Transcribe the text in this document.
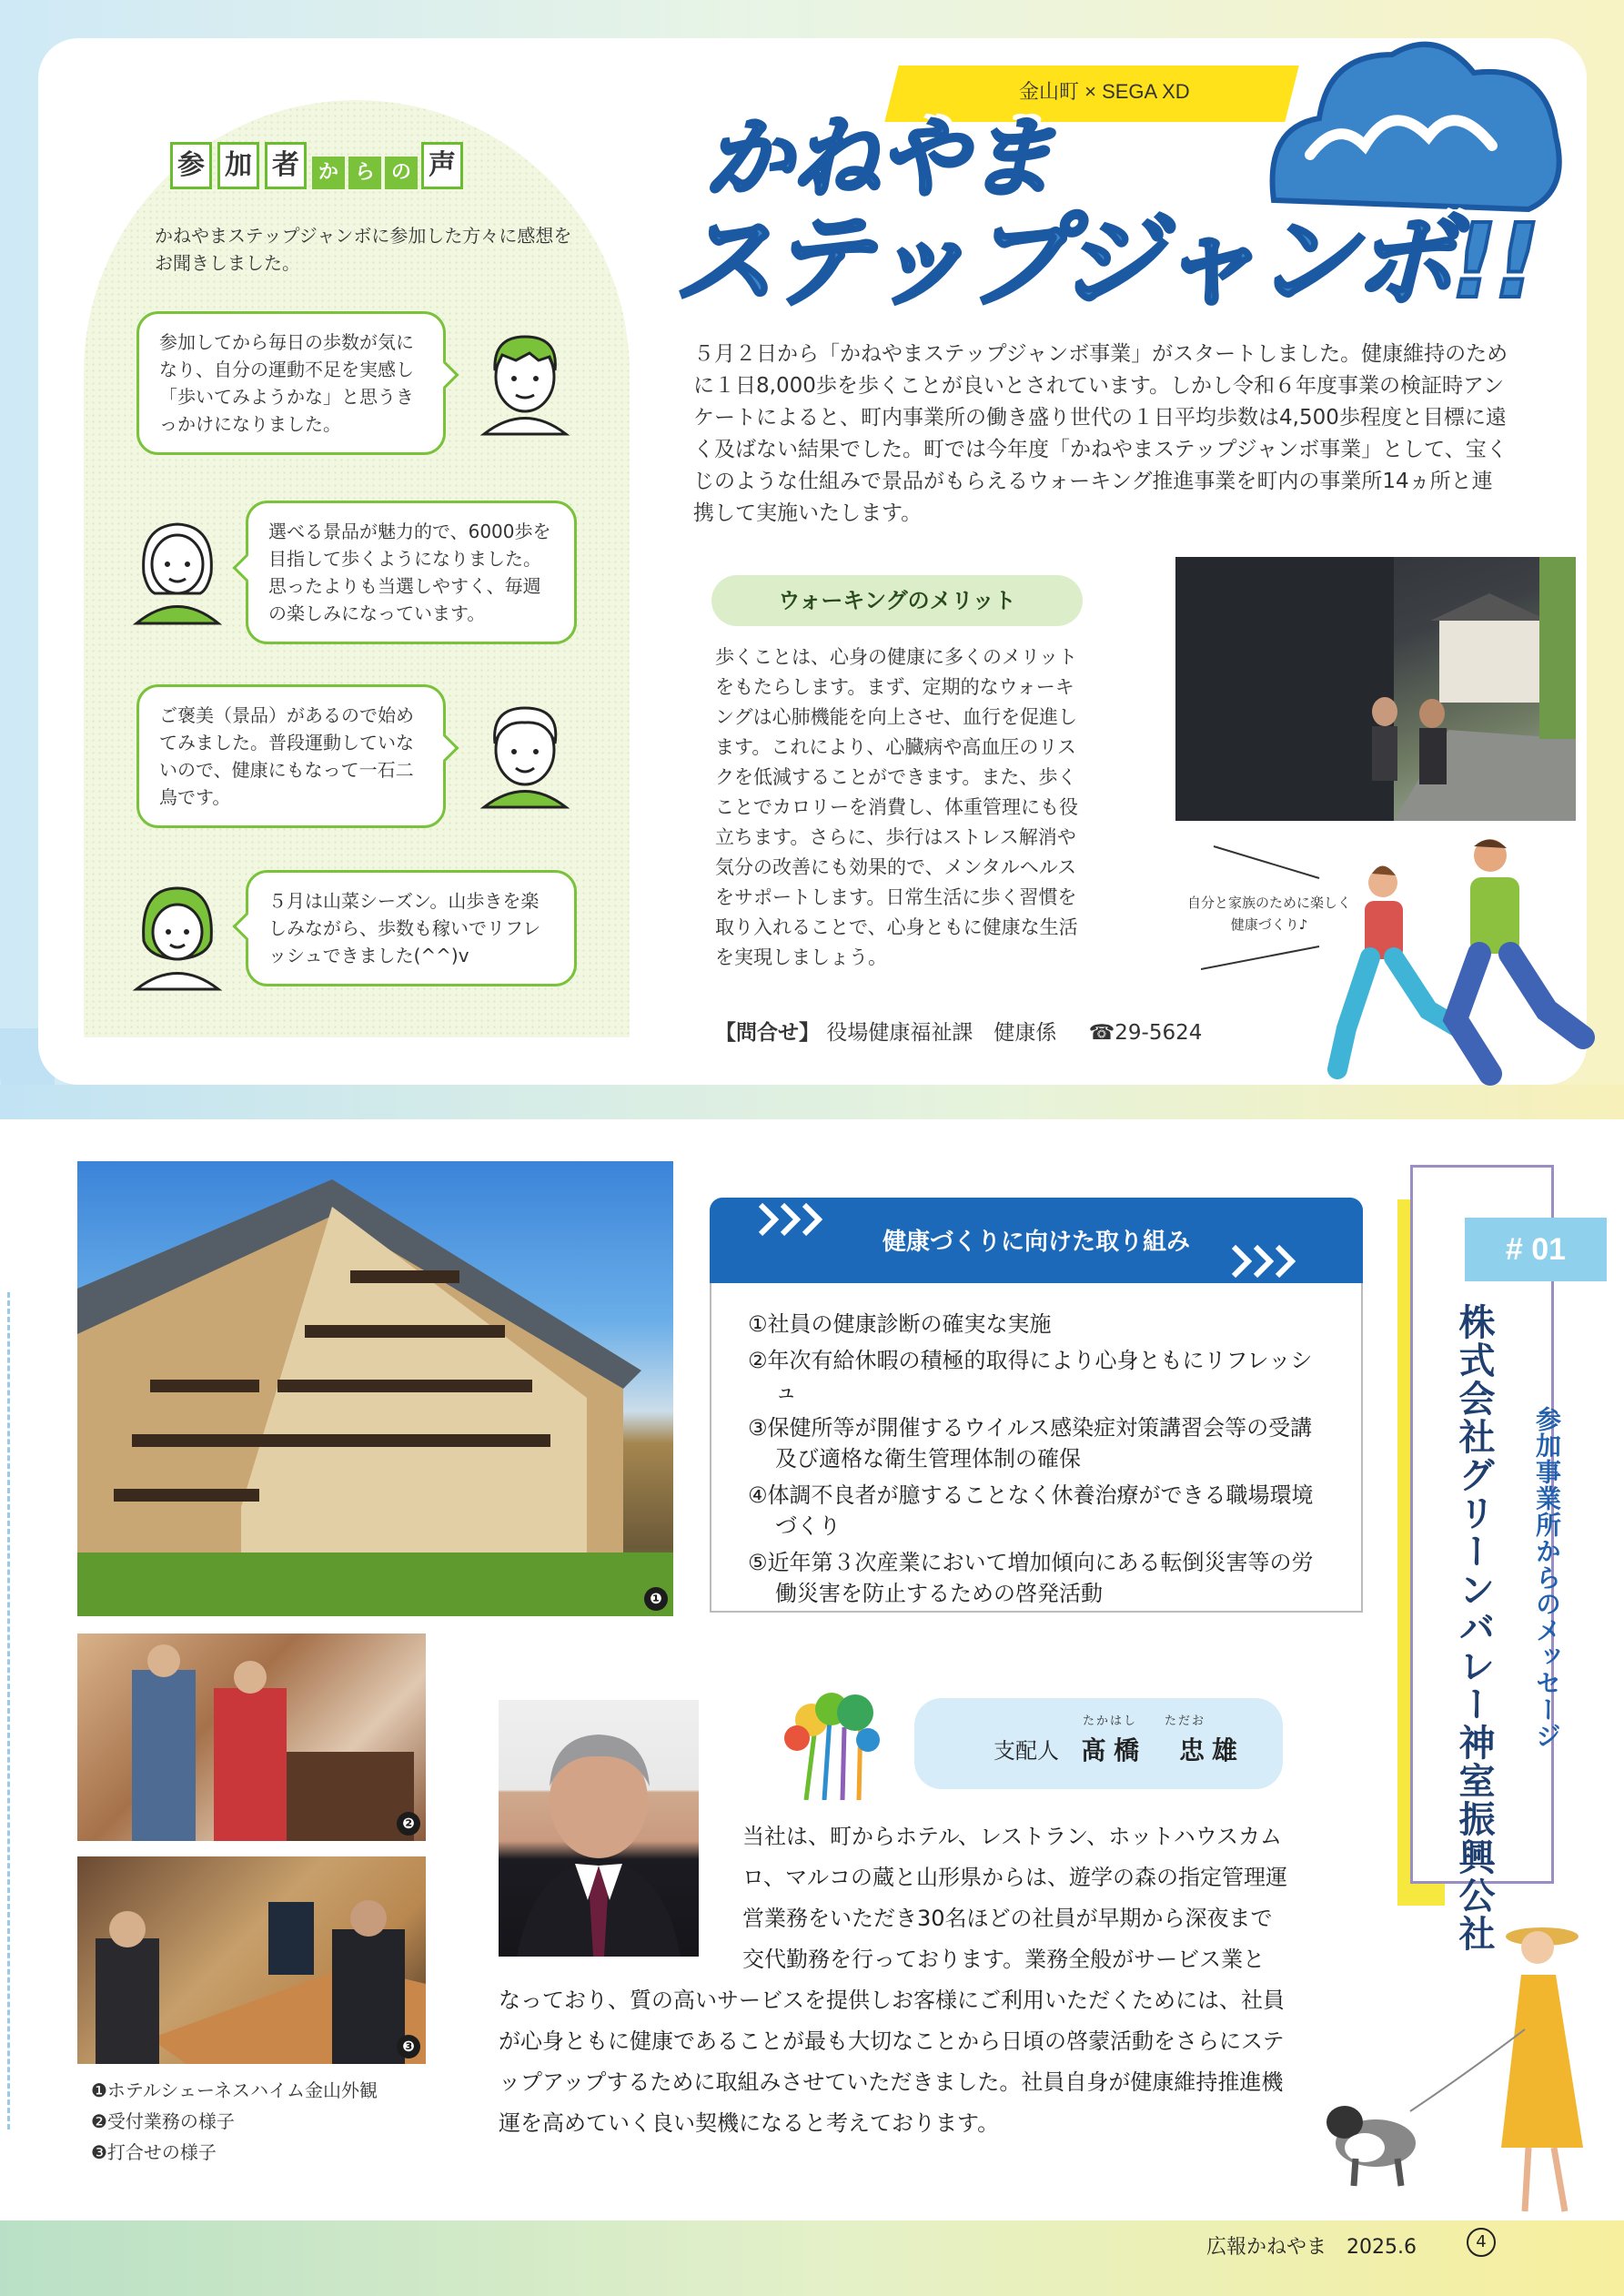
参 加 者 か ら の 声
かねやまステップジャンボに参加した方々に感想をお聞きしました。
参加してから毎日の歩数が気になり、自分の運動不足を実感し「歩いてみようかな」と思うきっかけになりました。
選べる景品が魅力的で、6000歩を目指して歩くようになりました。思ったよりも当選しやすく、毎週の楽しみになっています。
ご褒美（景品）があるので始めてみました。普段運動していないので、健康にもなって一石二鳥です。
５月は山菜シーズン。山歩きを楽しみながら、歩数も稼いでリフレッシュできました(^^)v
金山町 × SEGA XD
かねやま
ステップジャンボ!!
５月２日から「かねやまステップジャンボ事業」がスタートしました。健康維持のために１日8,000歩を歩くことが良いとされています。しかし令和６年度事業の検証時アンケートによると、町内事業所の働き盛り世代の１日平均歩数は4,500歩程度と目標に遠く及ばない結果でした。町では今年度「かねやまステップジャンボ事業」として、宝くじのような仕組みで景品がもらえるウォーキング推進事業を町内の事業所14ヵ所と連携して実施いたします。
ウォーキングのメリット
歩くことは、心身の健康に多くのメリットをもたらします。まず、定期的なウォーキングは心肺機能を向上させ、血行を促進します。これにより、心臓病や高血圧のリスクを低減することができます。また、歩くことでカロリーを消費し、体重管理にも役立ちます。さらに、歩行はストレス解消や気分の改善にも効果的で、メンタルヘルスをサポートします。日常生活に歩く習慣を取り入れることで、心身ともに健康な生活を実現しましょう。
【問合せ】 役場健康福祉課　健康係 ☎29-5624
自分と家族のために楽しく健康づくり♪
❶
❷
❸
❶ホテルシェーネスハイム金山外観
❷受付業務の様子
❸打合せの様子
健康づくりに向けた取り組み
①社員の健康診断の確実な実施
②年次有給休暇の積極的取得により心身ともにリフレッシュ
③保健所等が開催するウイルス感染症対策講習会等の受講及び適格な衛生管理体制の確保
④体調不良者が臆することなく休養治療ができる職場環境づくり
⑤近年第３次産業において増加傾向にある転倒災害等の労働災害を防止するための啓発活動
# 01
株式会社グリーンバレー神室振興公社 参加事業所からのメッセージ
たかはし　　ただお
支配人 髙橋　忠雄
当社は、町からホテル、レストラン、ホットハウスカムロ、マルコの蔵と山形県からは、遊学の森の指定管理運営業務をいただき30名ほどの社員が早期から深夜まで交代勤務を行っております。業務全般がサービス業と
なっており、質の高いサービスを提供しお客様にご利用いただくためには、社員が心身ともに健康であることが最も大切なことから日頃の啓蒙活動をさらにステップアップするために取組みさせていただきました。社員自身が健康維持推進機運を高めていく良い契機になると考えております。
広報かねやま　2025.6	4
